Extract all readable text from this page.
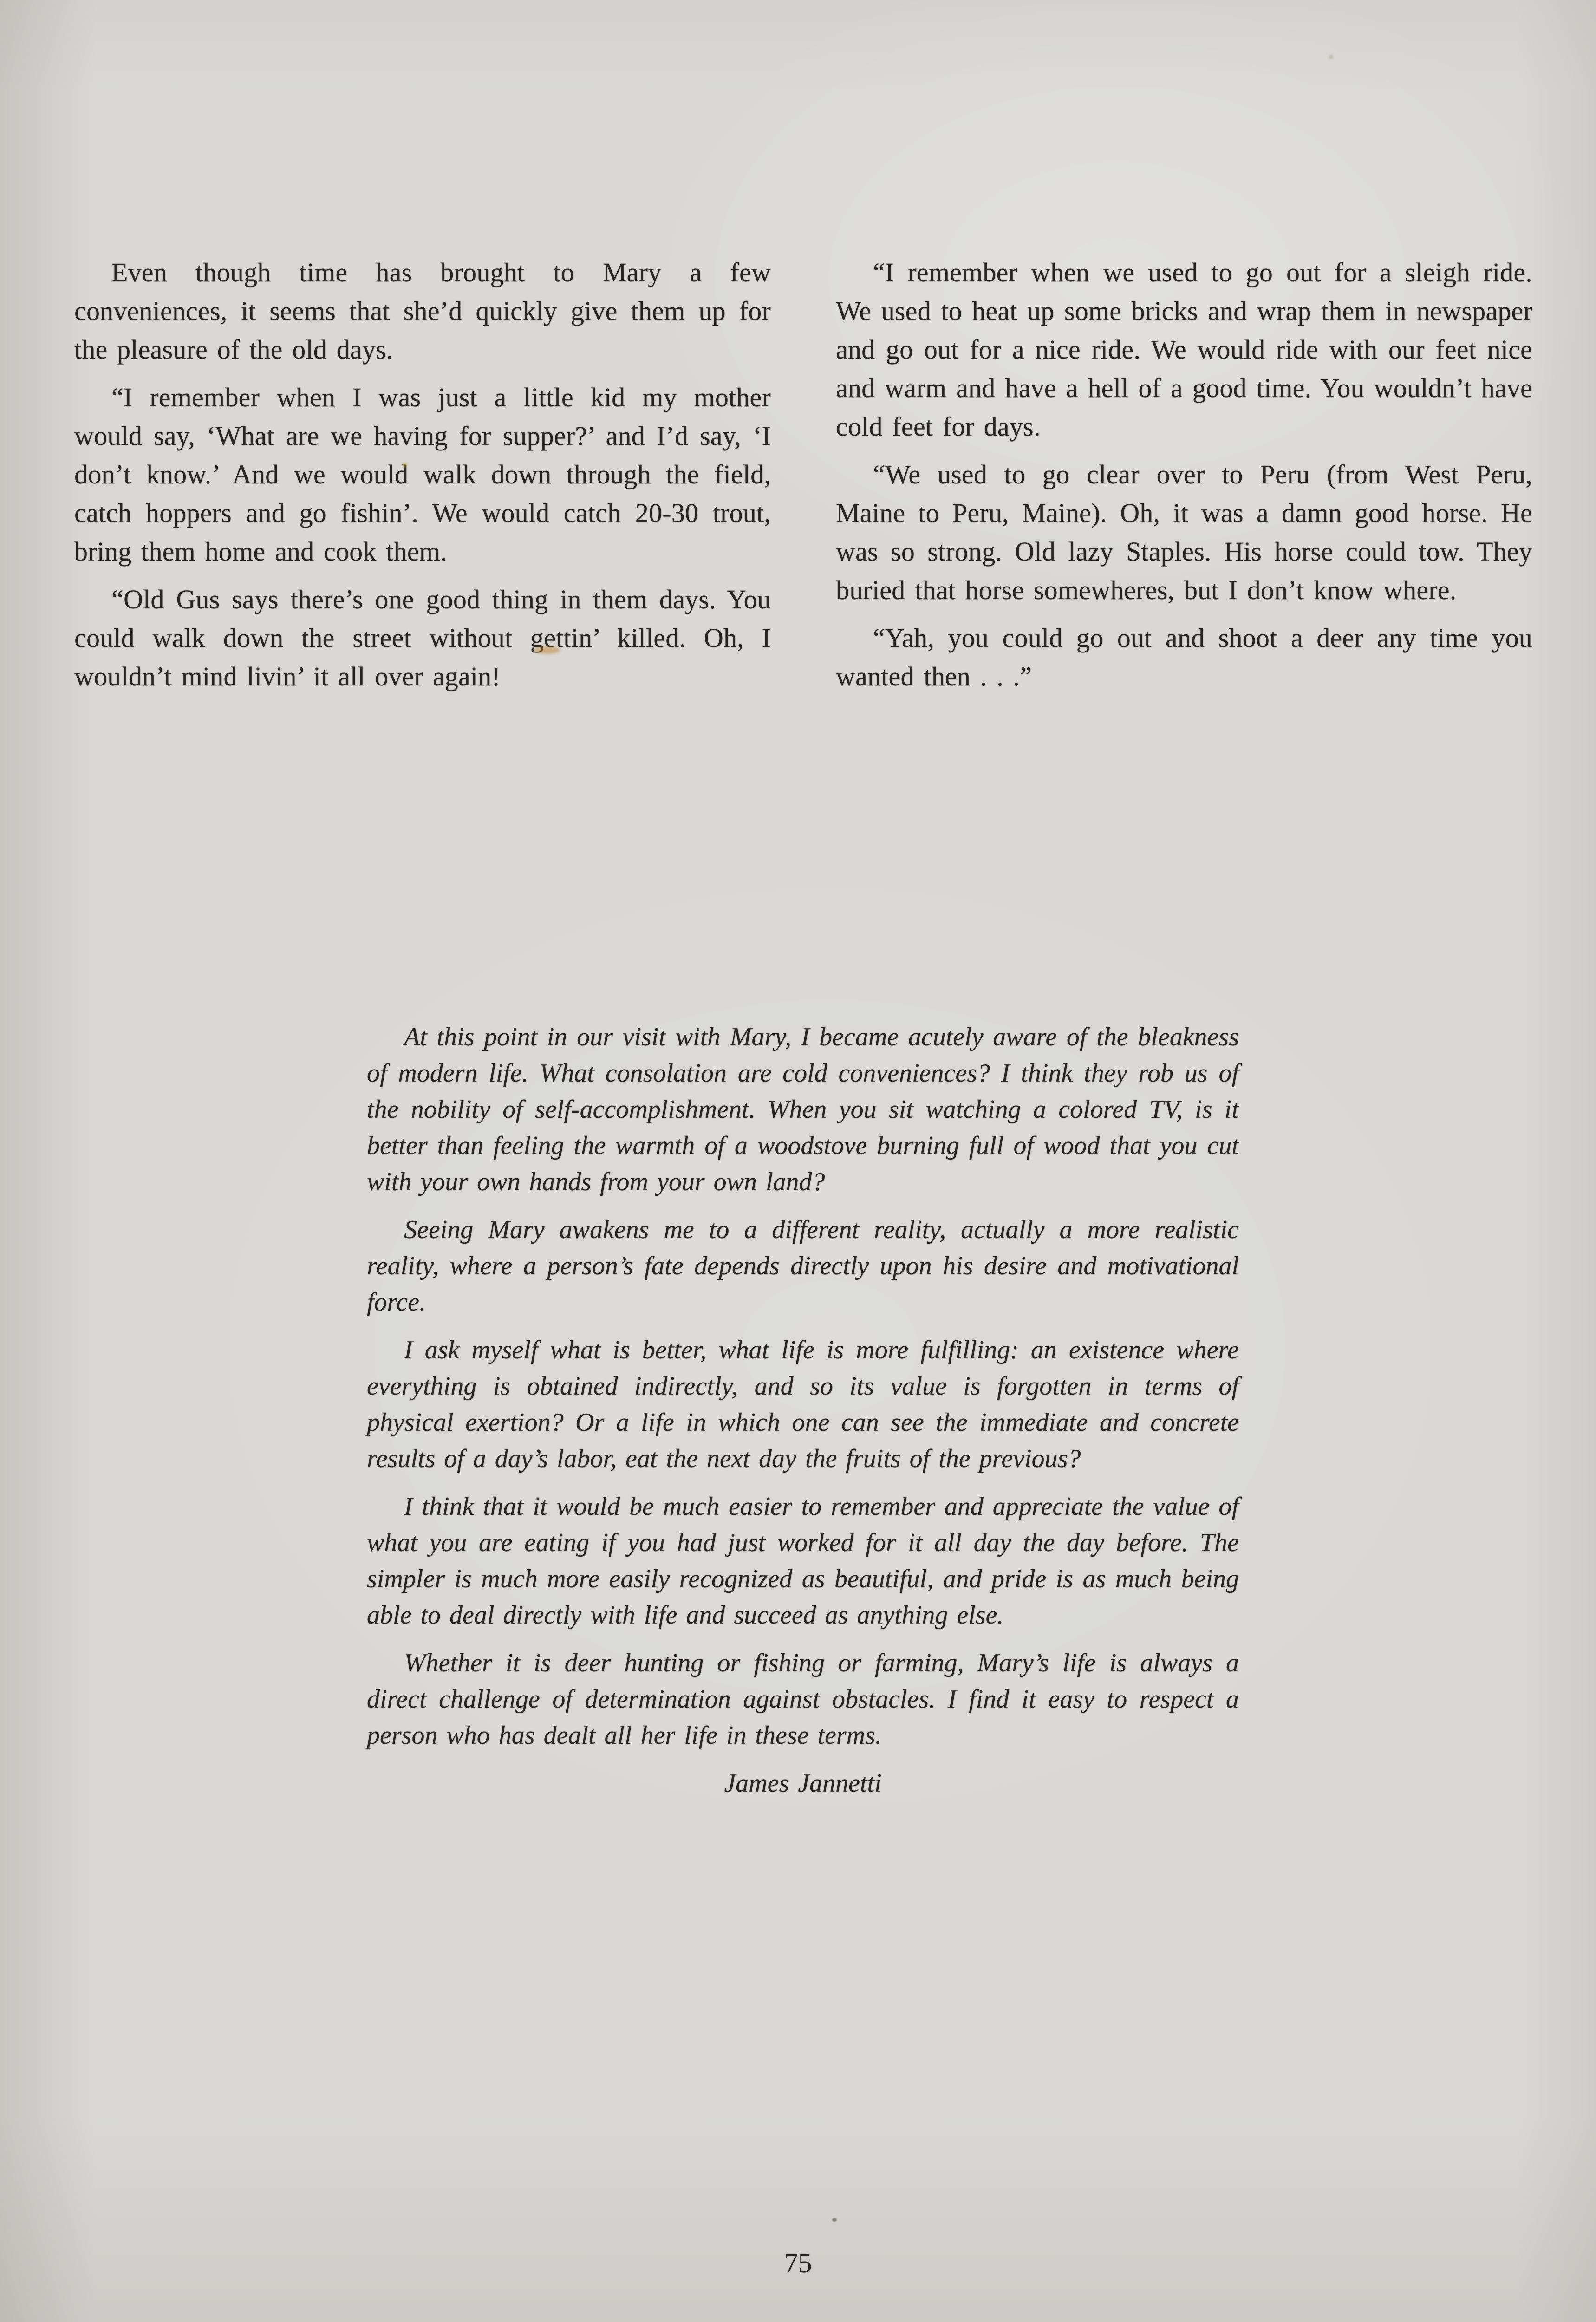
Even though time has brought to Mary a few conveniences, it seems that she’d quickly give them up for the pleasure of the old days.

“I remember when I was just a little kid my mother would say, ‘What are we having for supper?’ and I’d say, ‘I don’t know.’ And we would walk down through the field, catch hoppers and go fishin’. We would catch 20-30 trout, bring them home and cook them.

“Old Gus says there’s one good thing in them days. You could walk down the street without gettin’ killed. Oh, I wouldn’t mind livin’ it all over again!

“I remember when we used to go out for a sleigh ride. We used to heat up some bricks and wrap them in newspaper and go out for a nice ride. We would ride with our feet nice and warm and have a hell of a good time. You wouldn’t have cold feet for days.

“We used to go clear over to Peru (from West Peru, Maine to Peru, Maine). Oh, it was a damn good horse. He was so strong. Old lazy Staples. His horse could tow. They buried that horse somewheres, but I don’t know where.

“Yah, you could go out and shoot a deer any time you wanted then . . .”

At this point in our visit with Mary, I became acutely aware of the bleakness of modern life. What consolation are cold conveniences? I think they rob us of the nobility of self-accomplishment. When you sit watching a colored TV, is it better than feeling the warmth of a woodstove burning full of wood that you cut with your own hands from your own land?

Seeing Mary awakens me to a different reality, actually a more realistic reality, where a person’s fate depends directly upon his desire and motivational force.

I ask myself what is better, what life is more fulfilling: an existence where everything is obtained indirectly, and so its value is forgotten in terms of physical exertion? Or a life in which one can see the immediate and concrete results of a day’s labor, eat the next day the fruits of the previous?

I think that it would be much easier to remember and appreciate the value of what you are eating if you had just worked for it all day the day before. The simpler is much more easily recognized as beautiful, and pride is as much being able to deal directly with life and succeed as anything else.

Whether it is deer hunting or fishing or farming, Mary’s life is always a direct challenge of determination against obstacles. I find it easy to respect a person who has dealt all her life in these terms.

James Jannetti

75
